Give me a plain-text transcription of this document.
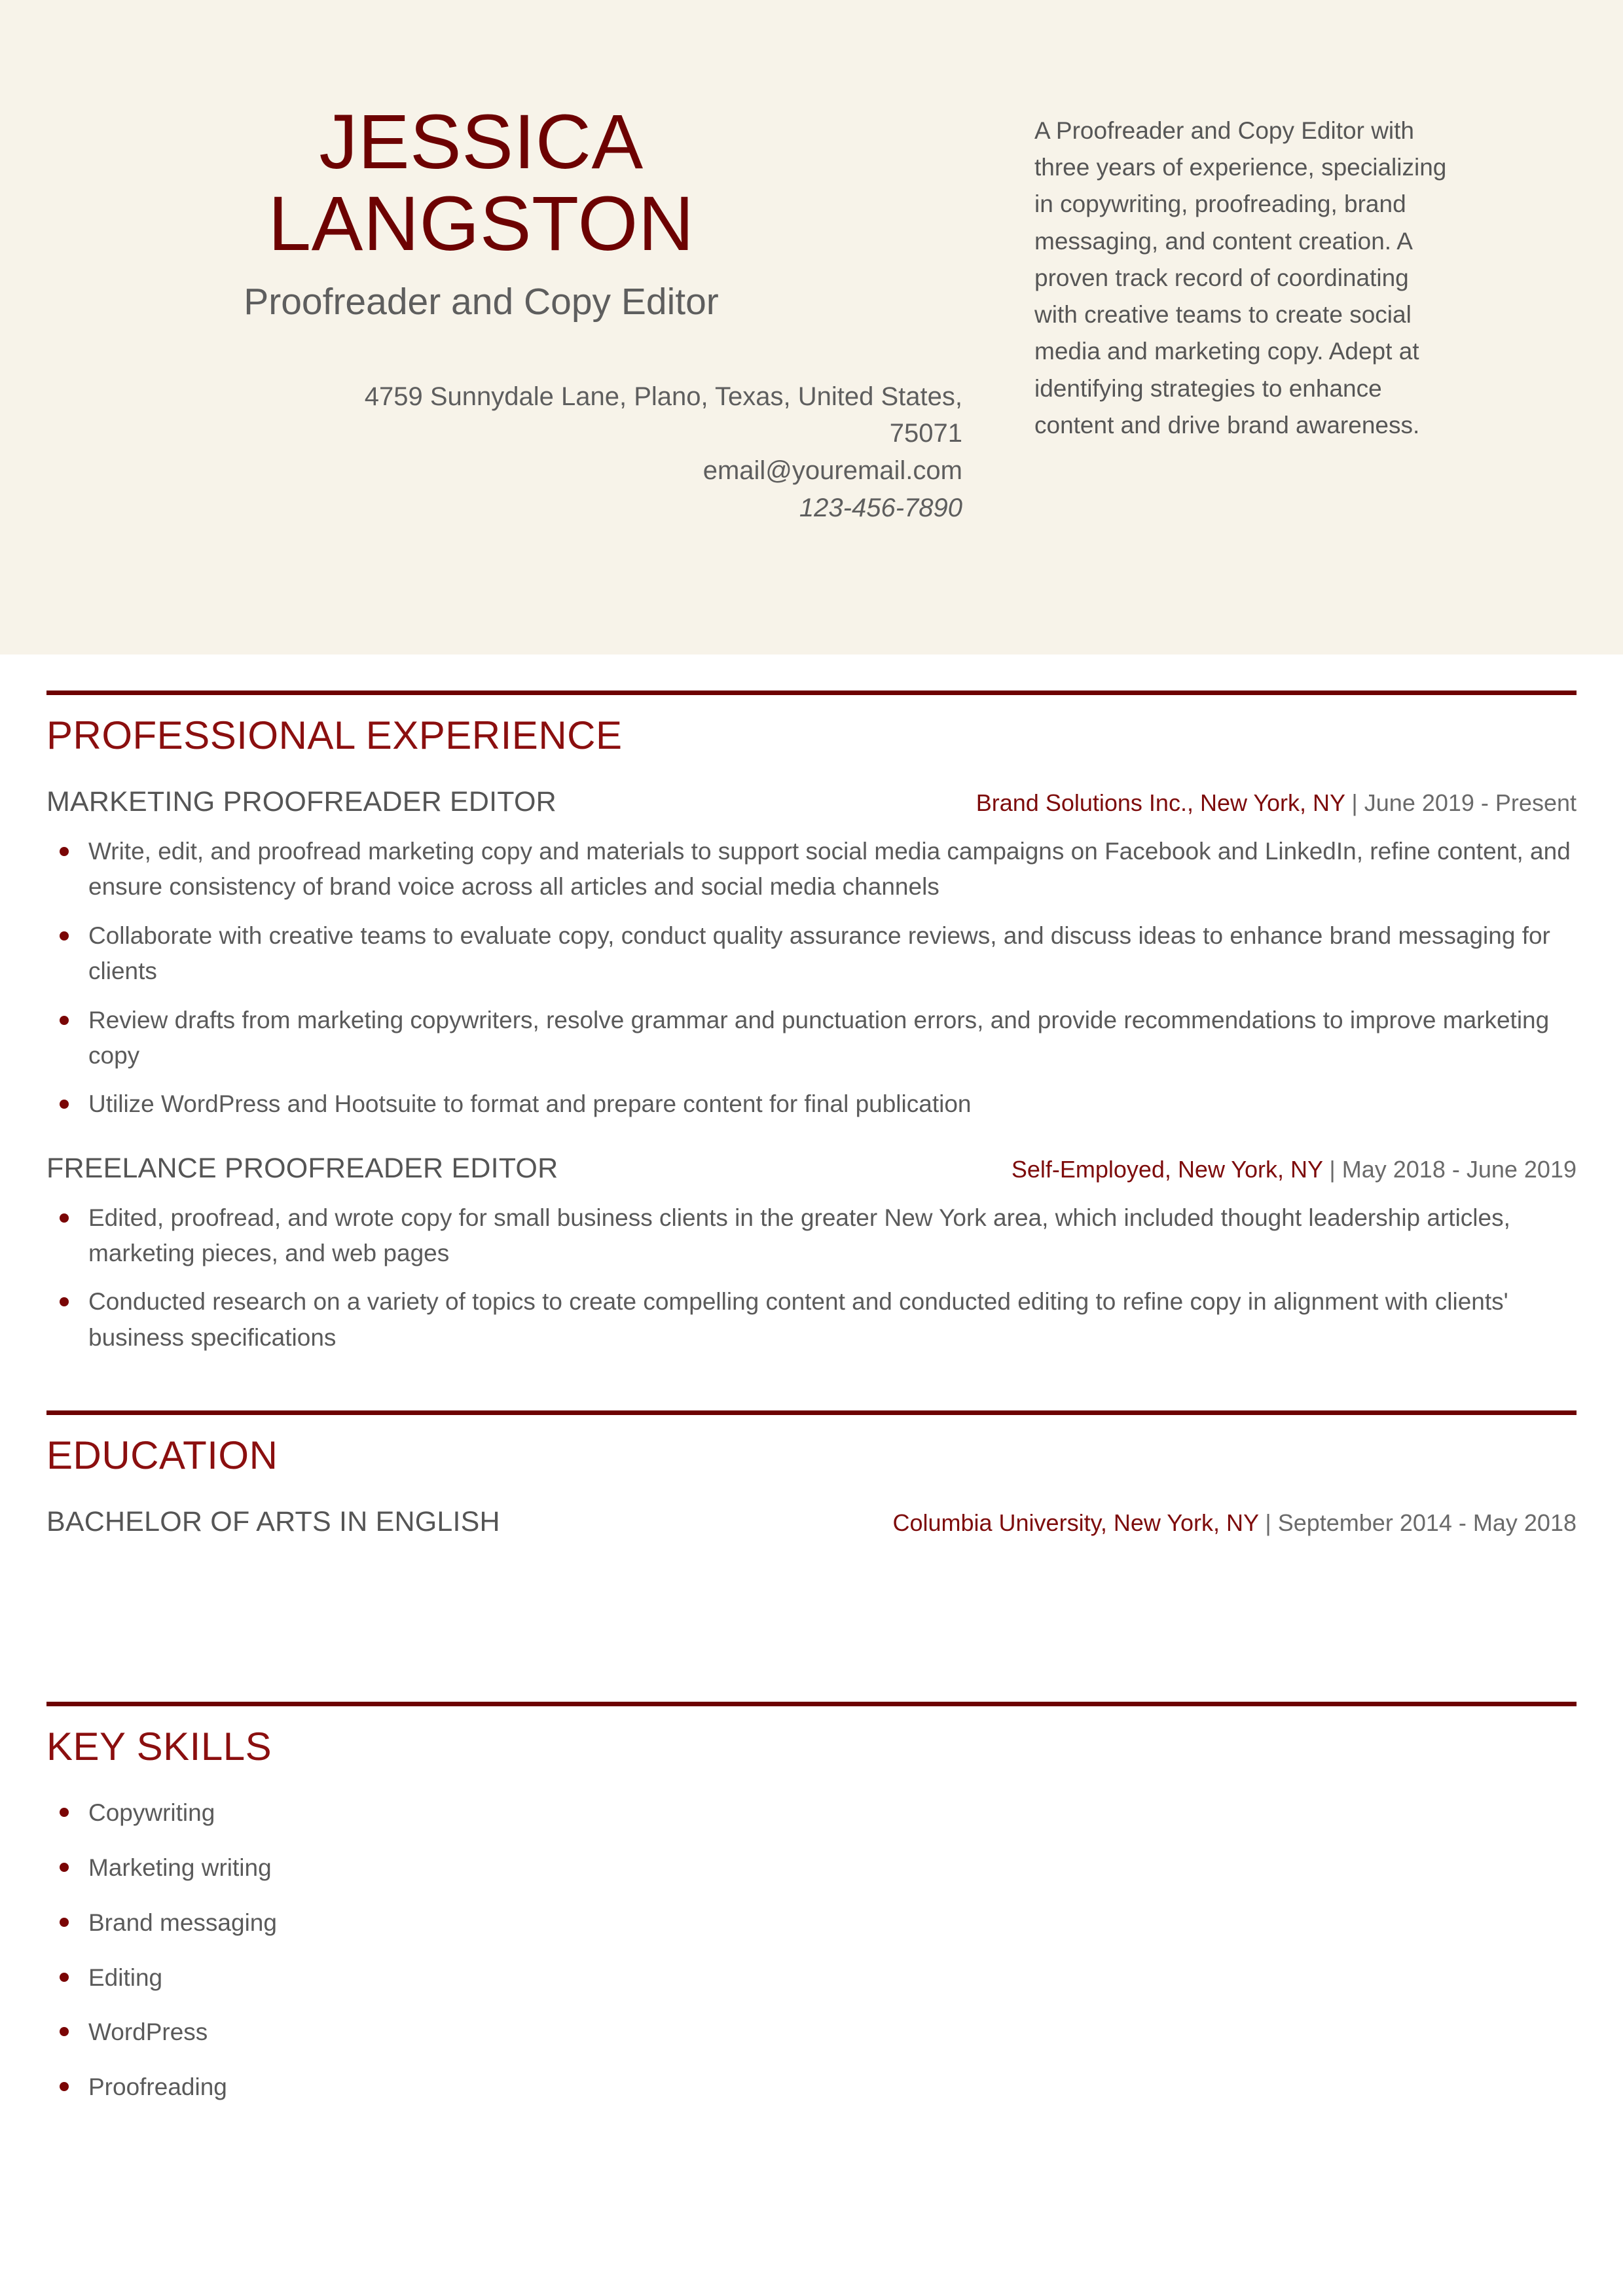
JESSICA
LANGSTON
Proofreader and Copy Editor
4759 Sunnydale Lane, Plano, Texas, United States,
75071
email@youremail.com
123-456-7890

A Proofreader and Copy Editor with three years of experience, specializing in copywriting, proofreading, brand messaging, and content creation. A proven track record of coordinating with creative teams to create social media and marketing copy. Adept at identifying strategies to enhance content and drive brand awareness.

PROFESSIONAL EXPERIENCE
MARKETING PROOFREADER EDITOR	Brand Solutions Inc., New York, NY | June 2019 - Present
Write, edit, and proofread marketing copy and materials to support social media campaigns on Facebook and LinkedIn, refine content, and ensure consistency of brand voice across all articles and social media channels
Collaborate with creative teams to evaluate copy, conduct quality assurance reviews, and discuss ideas to enhance brand messaging for clients
Review drafts from marketing copywriters, resolve grammar and punctuation errors, and provide recommendations to improve marketing copy
Utilize WordPress and Hootsuite to format and prepare content for final publication
FREELANCE PROOFREADER EDITOR	Self-Employed, New York, NY | May 2018 - June 2019
Edited, proofread, and wrote copy for small business clients in the greater New York area, which included thought leadership articles, marketing pieces, and web pages
Conducted research on a variety of topics to create compelling content and conducted editing to refine copy in alignment with clients' business specifications
EDUCATION
BACHELOR OF ARTS IN ENGLISH	Columbia University, New York, NY | September 2014 - May 2018
KEY SKILLS
Copywriting
Marketing writing
Brand messaging
Editing
WordPress
Proofreading
